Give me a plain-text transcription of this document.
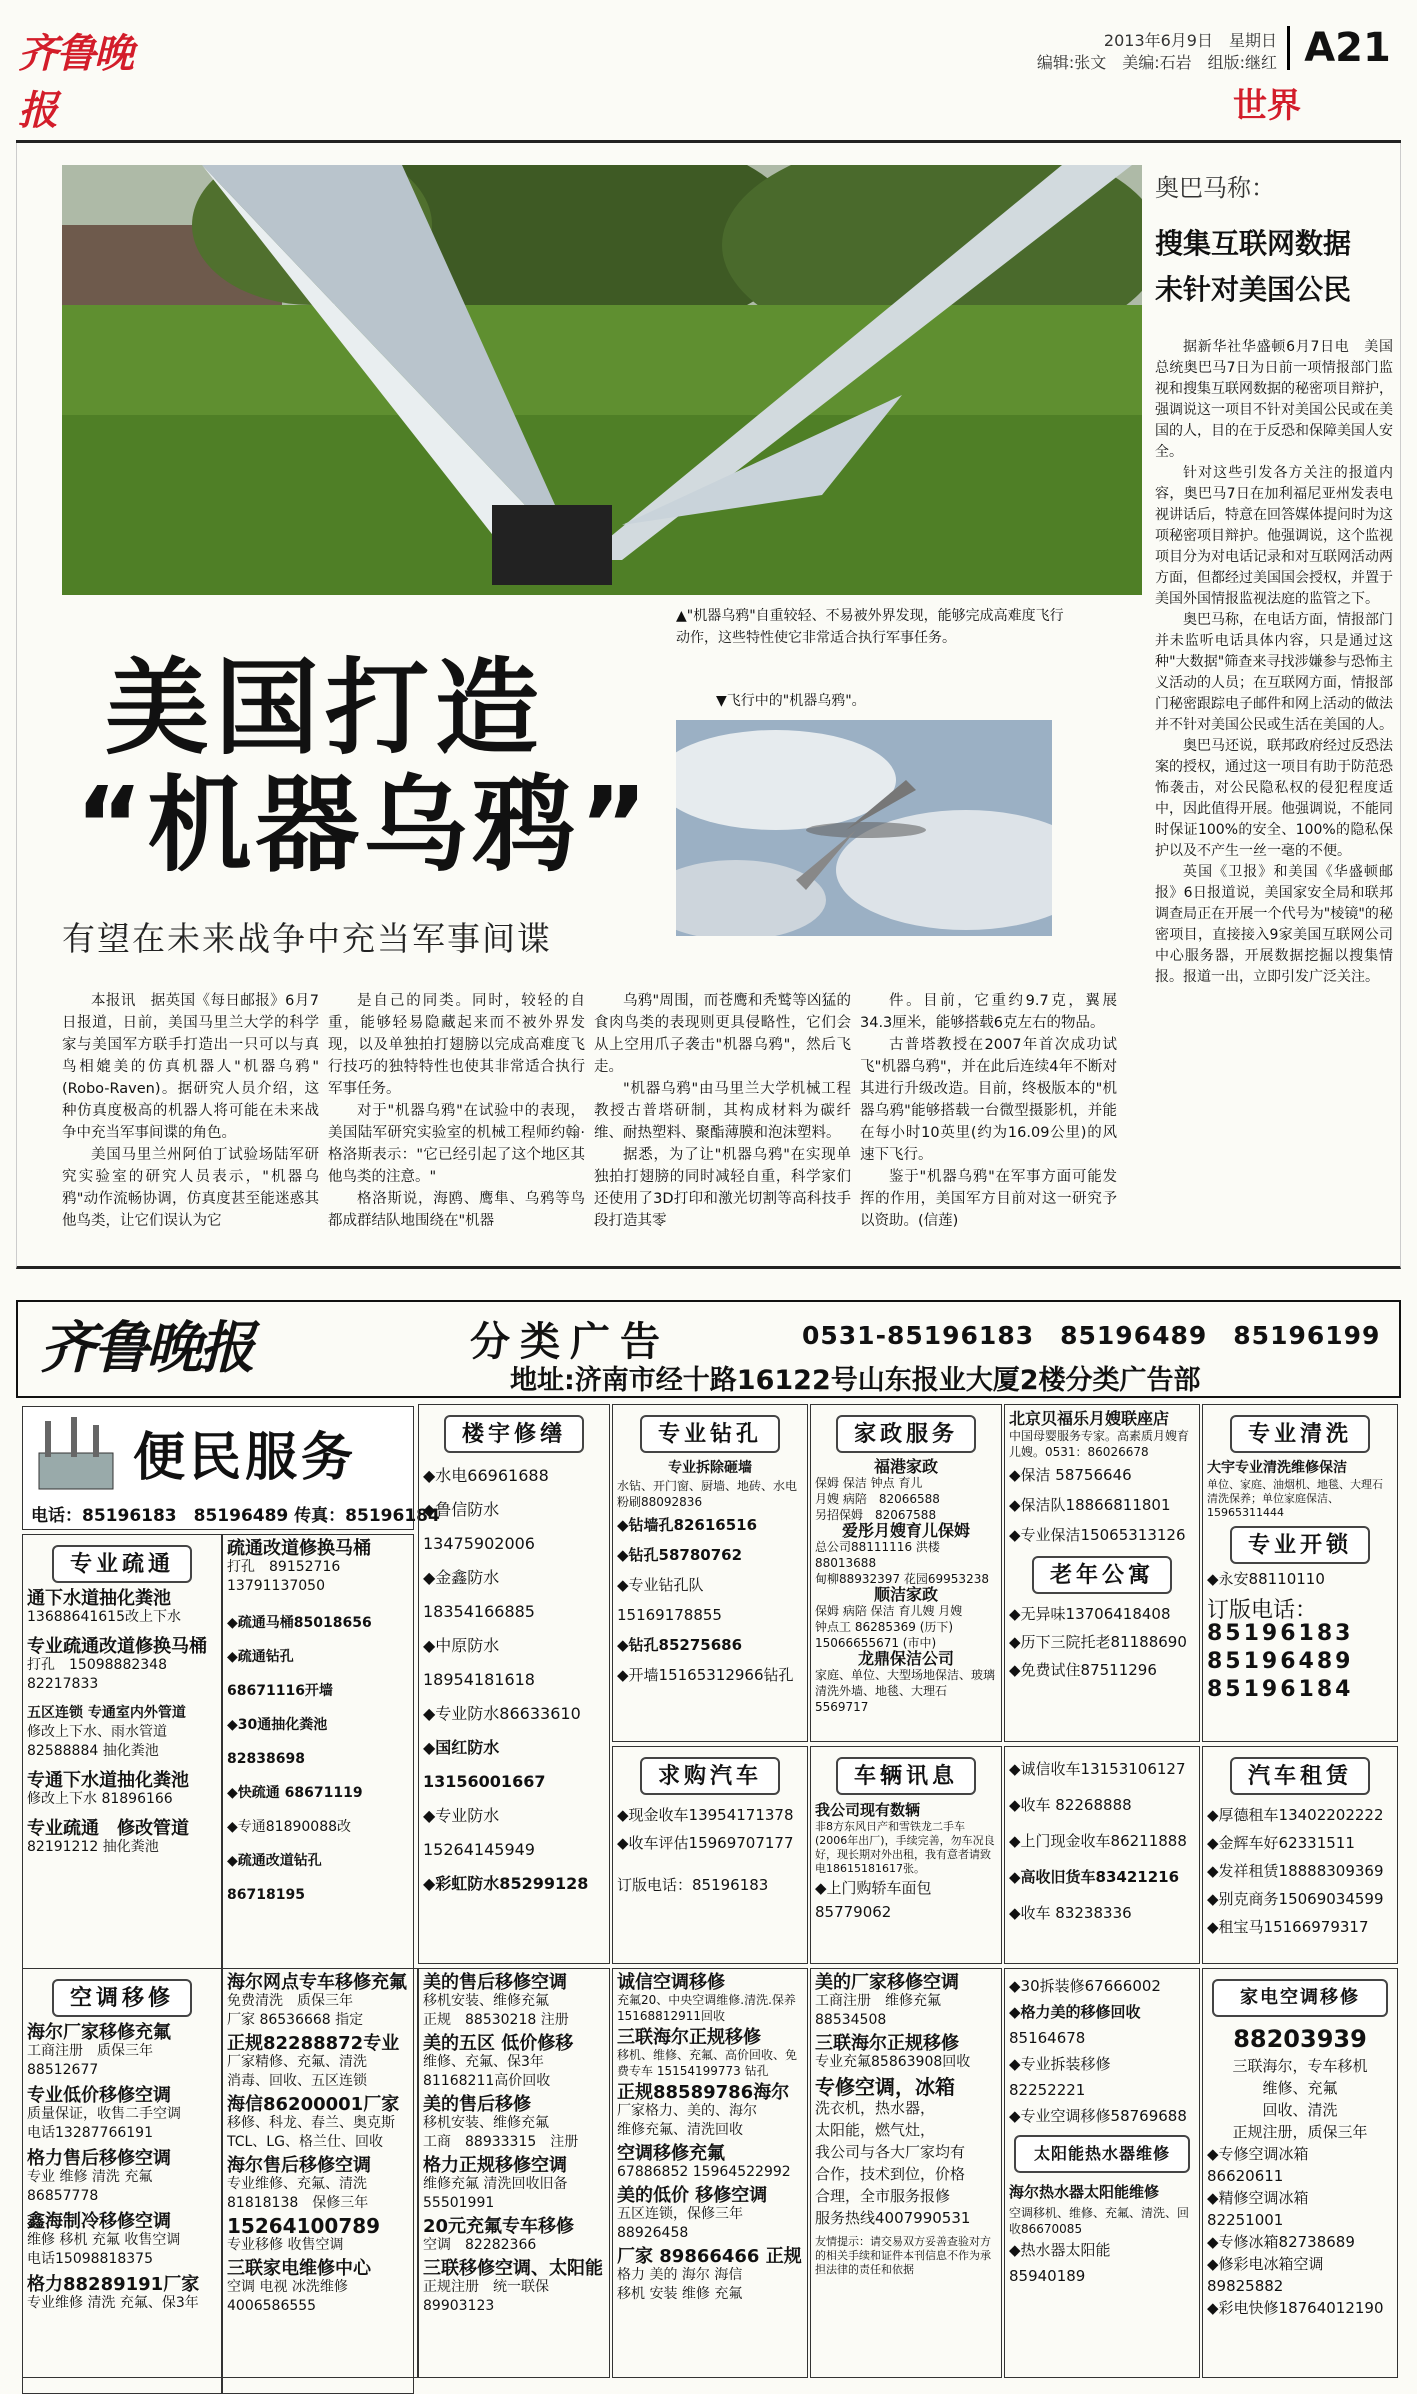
齐鲁晚报
2013年6月9日　星期日
编辑:张文　美编:石岩　组版:继红 A21
世界
▲"机器乌鸦"自重较轻、不易被外界发现，能够完成高难度飞行动作，这些特性使它非常适合执行军事任务。
▼飞行中的"机器乌鸦"。
美国打造
“机器乌鸦”
有望在未来战争中充当军事间谍

本报讯　据英国《每日邮报》6月7日报道，日前，美国马里兰大学的科学家与美国军方联手打造出一只可以与真鸟相媲美的仿真机器人"机器乌鸦"(Robo-Raven)。据研究人员介绍，这种仿真度极高的机器人将可能在未来战争中充当军事间谍的角色。

美国马里兰州阿伯丁试验场陆军研究实验室的研究人员表示，"机器乌鸦"动作流畅协调，仿真度甚至能迷惑其他鸟类，让它们误认为它

是自己的同类。同时，较轻的自重，能够轻易隐藏起来而不被外界发现，以及单独拍打翅膀以完成高难度飞行技巧的独特特性也使其非常适合执行军事任务。

对于"机器乌鸦"在试验中的表现，美国陆军研究实验室的机械工程师约翰·格洛斯表示："它已经引起了这个地区其他鸟类的注意。"

格洛斯说，海鸥、鹰隼、乌鸦等鸟都成群结队地围绕在"机器

乌鸦"周围，而苍鹰和秃鹫等凶猛的食肉鸟类的表现则更具侵略性，它们会从上空用爪子袭击"机器乌鸦"，然后飞走。

"机器乌鸦"由马里兰大学机械工程教授古普塔研制，其构成材料为碳纤维、耐热塑料、聚酯薄膜和泡沫塑料。

据悉，为了让"机器乌鸦"在实现单独拍打翅膀的同时减轻自重，科学家们还使用了3D打印和激光切割等高科技手段打造其零

件。目前，它重约9.7克，翼展34.3厘米，能够搭载6克左右的物品。

古普塔教授在2007年首次成功试飞"机器乌鸦"，并在此后连续4年不断对其进行升级改造。目前，终极版本的"机器乌鸦"能够搭载一台微型摄影机，并能在每小时10英里(约为16.09公里)的风速下飞行。

鉴于"机器乌鸦"在军事方面可能发挥的作用，美国军方目前对这一研究予以资助。(信莲)

奥巴马称：
搜集互联网数据
未针对美国公民

据新华社华盛顿6月7日电　美国总统奥巴马7日为日前一项情报部门监视和搜集互联网数据的秘密项目辩护，强调说这一项目不针对美国公民或在美国的人，目的在于反恐和保障美国人安全。

针对这些引发各方关注的报道内容，奥巴马7日在加利福尼亚州发表电视讲话后，特意在回答媒体提问时为这项秘密项目辩护。他强调说，这个监视项目分为对电话记录和对互联网活动两方面，但都经过美国国会授权，并置于美国外国情报监视法庭的监管之下。

奥巴马称，在电话方面，情报部门并未监听电话具体内容，只是通过这种"大数据"筛查来寻找涉嫌参与恐怖主义活动的人员；在互联网方面，情报部门秘密跟踪电子邮件和网上活动的做法并不针对美国公民或生活在美国的人。

奥巴马还说，联邦政府经过反恐法案的授权，通过这一项目有助于防范恐怖袭击，对公民隐私权的侵犯程度适中，因此值得开展。他强调说，不能同时保证100%的安全、100%的隐私保护以及不产生一丝一毫的不便。

英国《卫报》和美国《华盛顿邮报》6日报道说，美国家安全局和联邦调查局正在开展一个代号为"棱镜"的秘密项目，直接接入9家美国互联网公司中心服务器，开展数据挖掘以搜集情报。报道一出，立即引发广泛关注。

齐鲁晚报	分类广告	0531-85196183　85196489　85196199
地址:济南市经十路16122号山东报业大厦2楼分类广告部
便民服务
电话：85196183　85196489 传真：85196184
专业疏通
通下水道抽化粪池
13688641615改上下水
专业疏通改道修换马桶
打孔　15098882348
82217833
五区连锁 专通室内外管道
修改上下水、雨水管道
82588884 抽化粪池
专通下水道抽化粪池
修改上下水 81896166
专业疏通　修改管道
82191212 抽化粪池
疏通改道修换马桶
打孔　89152716
13791137050
◆疏通马桶85018656
◆疏通钻孔
68671116开墙
◆30通抽化粪池
82838698
◆快疏通 68671119
◆专通81890088改
◆疏通改道钻孔
86718195
楼宇修缮
◆水电66961688
◆鲁信防水
13475902006
◆金鑫防水
18354166885
◆中原防水
18954181618
◆专业防水86633610
◆国红防水
13156001667
◆专业防水
15264145949
◆彩虹防水85299128
专业钻孔
专业拆除砸墙
水钻、开门窗、厨墙、地砖、水电粉刷88092836
◆钻墙孔82616516
◆钻孔58780762
◆专业钻孔队
15169178855
◆钻孔85275686
◆开墙15165312966钻孔
家政服务
福港家政
保姆 保洁 钟点 育儿
月嫂 病陪　82066588
另招保姆　82067588
爱彤月嫂育儿保姆
总公司88111116 洪楼88013688
甸柳88932397 花园69953238
顺洁家政
保姆 病陪 保洁 育儿嫂 月嫂
钟点工 86285369 (历下)
15066655671 (市中)
龙鼎保洁公司
家庭、单位、大型场地保洁、玻璃清洗外墙、地毯、大理石5569717
北京贝福乐月嫂联座店
中国母婴服务专家。高素质月嫂育儿嫂。0531：86026678
◆保洁 58756646
◆保洁队18866811801
◆专业保洁15065313126
老年公寓
◆无异味13706418408
◆历下三院托老81188690
◆免费试住87511296
专业清洗
大宇专业清洗维修保洁
单位、家庭、油烟机、地毯、大理石清洗保养；单位家庭保洁、15965311444
专业开锁
◆永安88110110
订版电话：
85196183
85196489
85196184
求购汽车
◆现金收车13954171378
◆收车评估15969707177
订版电话：85196183
车辆讯息
我公司现有数辆
非8方东风日产和雪铁龙二手车(2006年出厂)，手续完善，勿车况良好，现长期对外出租，我有意者请致电18615181617张。
◆上门购轿车面包
85779062
◆诚信收车13153106127
◆收车 82268888
◆上门现金收车86211888
◆高收旧货车83421216
◆收车 83238336
汽车租赁
◆厚德租车13402202222
◆金辉车好62331511
◆发祥租赁18888309369
◆别克商务15069034599
◆租宝马15166979317
空调移修
海尔厂家移修充氟
工商注册　质保三年
88512677
专业低价移修空调
质量保证，收售二手空调
电话13287766191
格力售后移修空调
专业 维修 清洗 充氟
86857778
鑫海制冷移修空调
维修 移机 充氟 收售空调
电话15098818375
格力88289191厂家
专业维修 清洗 充氟、保3年
海尔网点专车移修充氟
免费清洗　质保三年
厂家 86536668 指定
正规82288872专业
厂家精修、充氟、清洗
消毒、回收、五区连锁
海信86200001厂家
移修、科龙、春兰、奥克斯
TCL、LG、格兰仕、回收
海尔售后移修空调
专业维修、充氟、清洗
81818138　保修三年
15264100789
专业移修 收售空调
三联家电维修中心
空调 电视 冰洗维修
4006586555
美的售后移修空调
移机安装、维修充氟
正规　88530218 注册
美的五区 低价修移
维修、充氟、保3年
81168211高价回收
美的售后移修
移机安装、维修充氟
工商　88933315　注册
格力正规移修空调
维修充氟 清洗回收旧备
55501991
20元充氟专车移修
空调　82282366
三联移修空调、太阳能
正规注册　统一联保
89903123
诚信空调移修
充氟20、中央空调维修.清洗.保养15168812911回收
三联海尔正规移修
移机、维修、充氟、高价回收、免费专车 15154199773 钻孔
正规88589786海尔
厂家格力、美的、海尔
维修充氟、清洗回收
空调移修充氟
67886852 15964522992
美的低价 移修空调
五区连锁，保修三年
88926458
厂家 89866466 正规
格力 美的 海尔 海信
移机 安装 维修 充氟
美的厂家移修空调
工商注册　维修充氟
88534508
三联海尔正规移修
专业充氟85863908回收
专修空调，冰箱
洗衣机，热水器，
太阳能，燃气灶，
我公司与各大厂家均有
合作，技术到位，价格
合理，全市服务报修
服务热线4007990531
友情提示：请交易双方妥善查验对方的相关手续和证件本刊信息不作为承担法律的责任和依据
◆30拆装修67666002
◆格力美的移修回收
85164678
◆专业拆装移修
82252221
◆专业空调移修58769688
太阳能热水器维修
海尔热水器太阳能维修
空调移机、维修、充氟、清洗、回收86670085
◆热水器太阳能
85940189
家电空调移修
88203939
三联海尔，专车移机
维修、充氟
回收、清洗
正规注册，质保三年
◆专修空调冰箱
86620611
◆精修空调冰箱
82251001
◆专修冰箱82738689
◆修彩电冰箱空调
89825882
◆彩电快修18764012190
